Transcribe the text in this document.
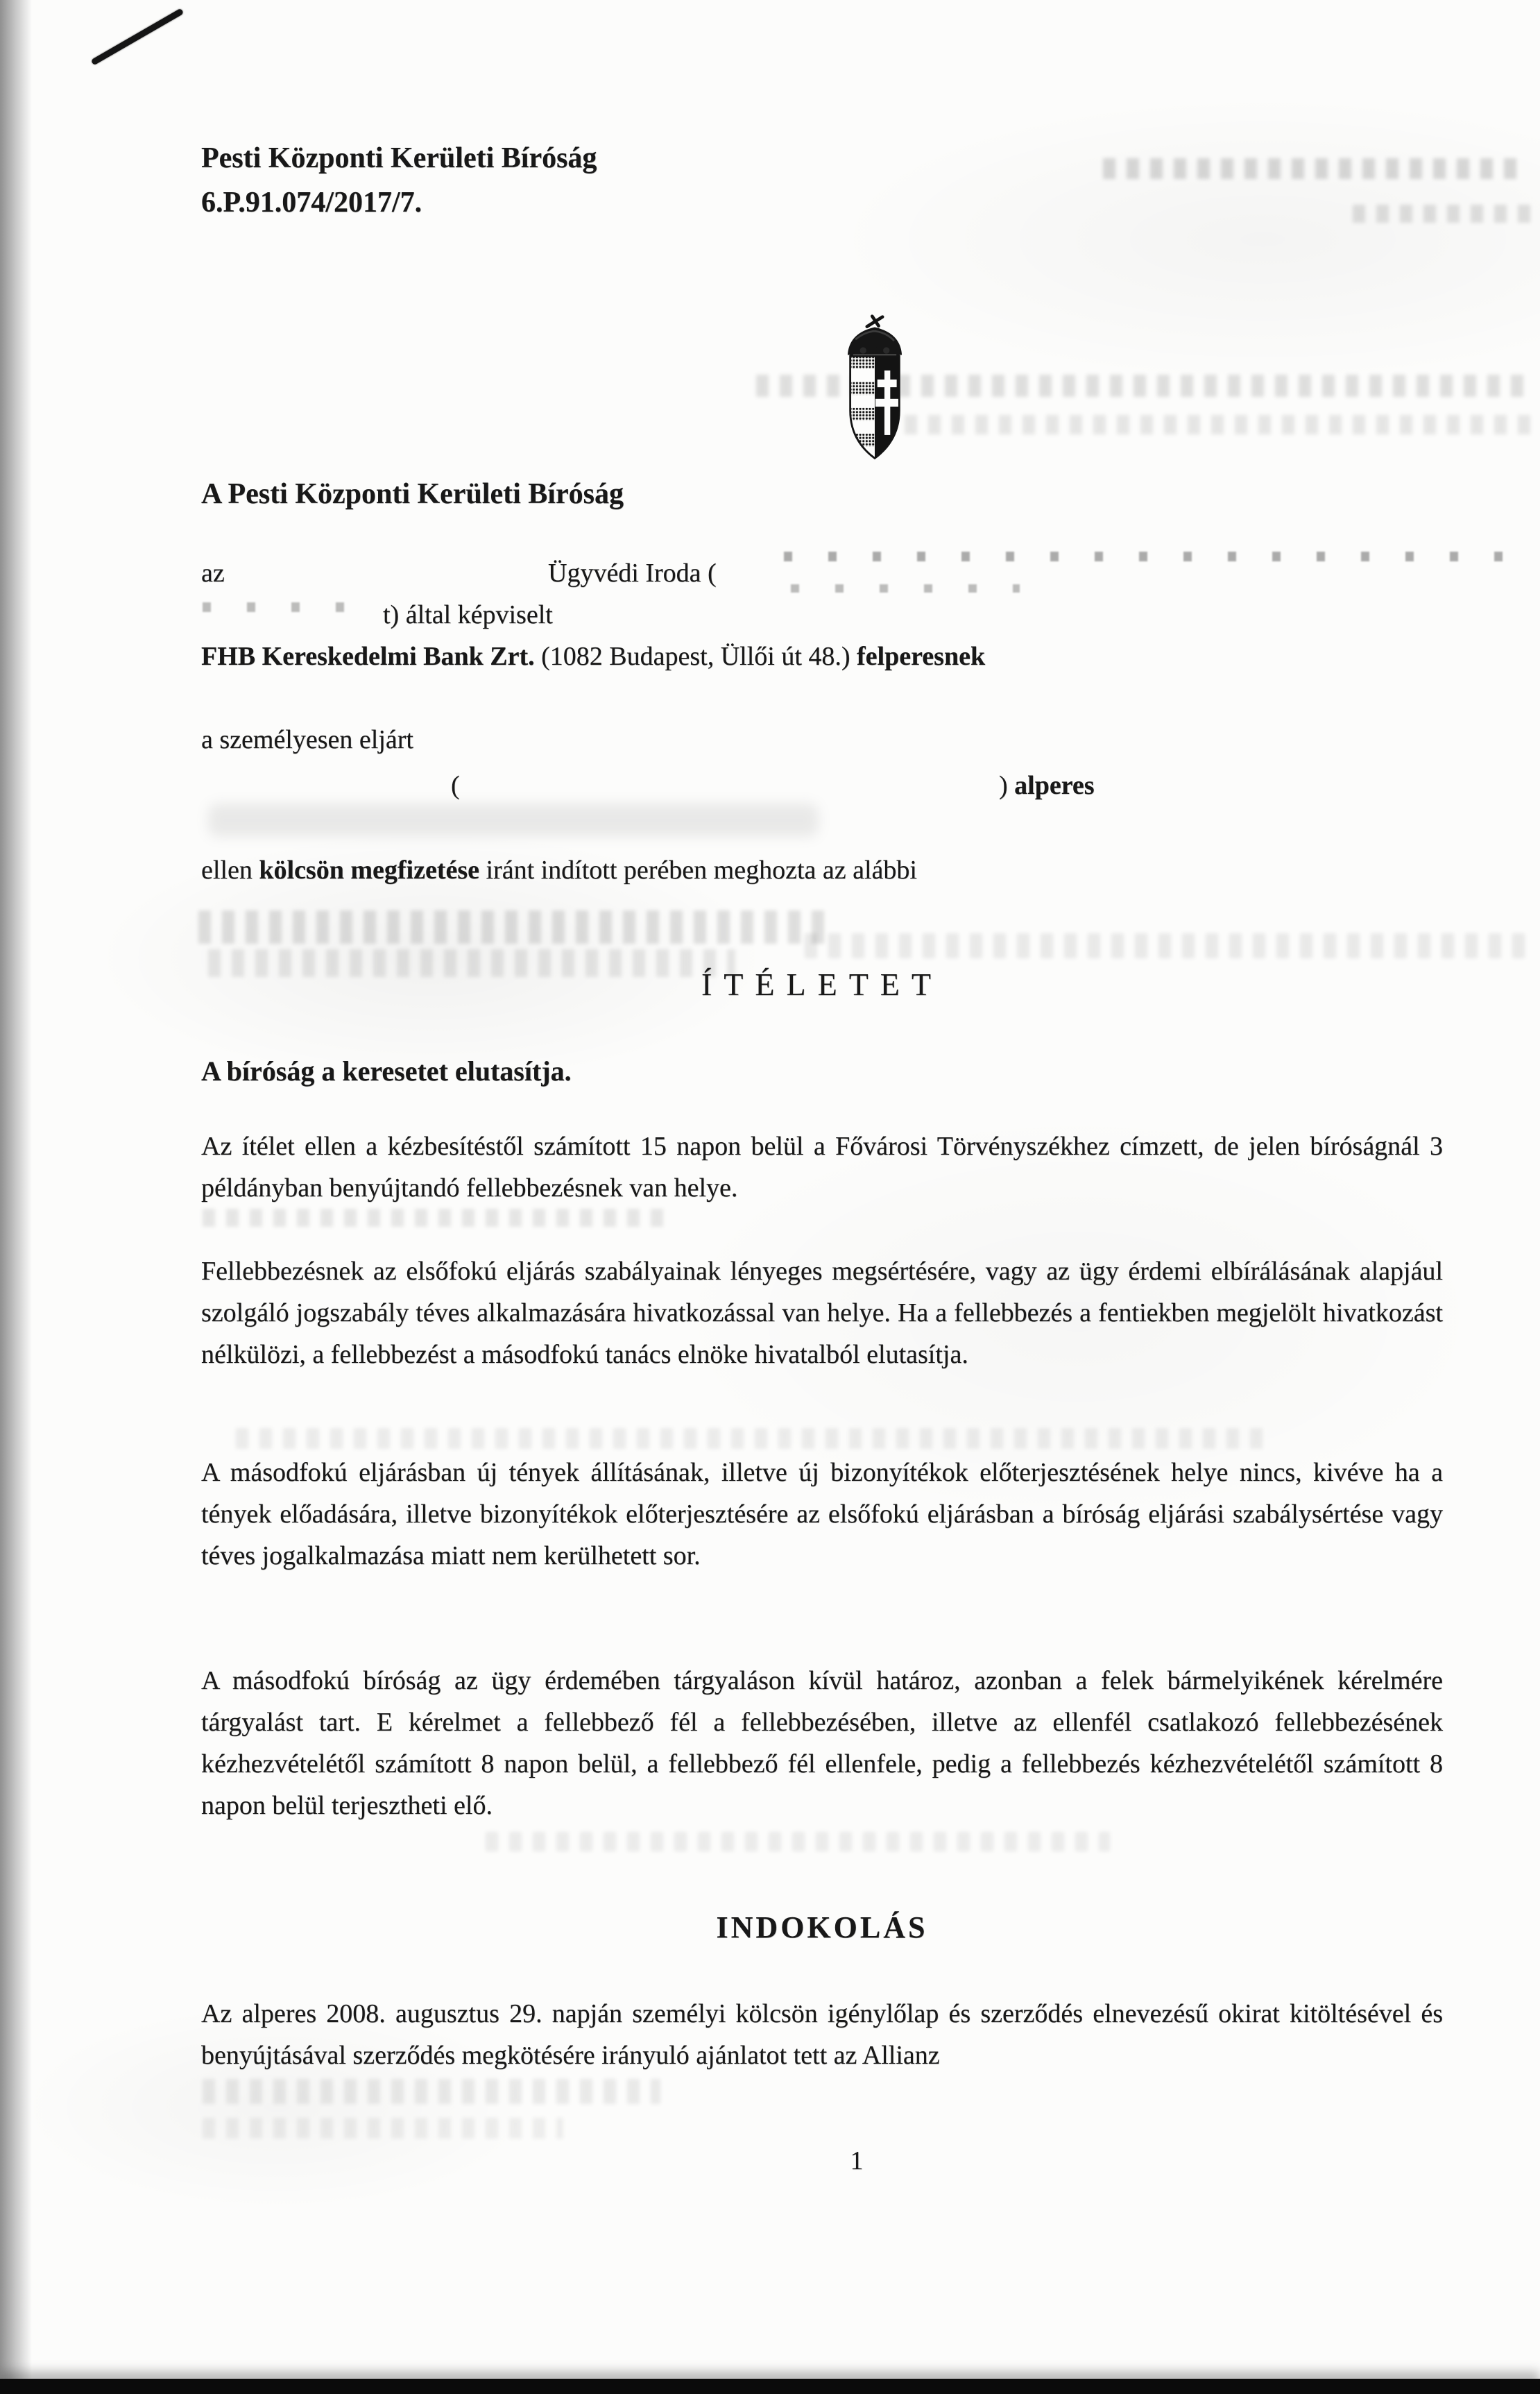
Pesti Központi Kerületi Bíróság
6.P.91.074/2017/7.
A Pesti Központi Kerületi Bíróság
az	Ügyvédi Iroda (
t) által képviselt
FHB Kereskedelmi Bank Zrt. (1082 Budapest, Üllői út 48.) felperesnek
a személyesen eljárt
(	) alperes
ellen kölcsön megfizetése iránt indított perében meghozta az alábbi
ÍTÉLETET
A bíróság a keresetet elutasítja.
Az ítélet ellen a kézbesítéstől számított 15 napon belül a Fővárosi Törvényszékhez címzett, de jelen bíróságnál 3 példányban benyújtandó fellebbezésnek van helye.
Fellebbezésnek az elsőfokú eljárás szabályainak lényeges megsértésére, vagy az ügy érdemi elbírálásának alapjául szolgáló jogszabály téves alkalmazására hivatkozással van helye. Ha a fellebbezés a fentiekben megjelölt hivatkozást nélkülözi, a fellebbezést a másodfokú tanács elnöke hivatalból elutasítja.
A másodfokú eljárásban új tények állításának, illetve új bizonyítékok előterjesztésének helye nincs, kivéve ha a tények előadására, illetve bizonyítékok előterjesztésére az elsőfokú eljárásban a bíróság eljárási szabálysértése vagy téves jogalkalmazása miatt nem kerülhetett sor.
A másodfokú bíróság az ügy érdemében tárgyaláson kívül határoz, azonban a felek bármelyikének kérelmére tárgyalást tart. E kérelmet a fellebbező fél a fellebbezésében, illetve az ellenfél csatlakozó fellebbezésének kézhezvételétől számított 8 napon belül, a fellebbező fél ellenfele, pedig a fellebbezés kézhezvételétől számított 8 napon belül terjesztheti elő.
INDOKOLÁS
Az alperes 2008. augusztus 29. napján személyi kölcsön igénylőlap és szerződés elnevezésű okirat kitöltésével és benyújtásával szerződés megkötésére irányuló ajánlatot tett az Allianz
1
